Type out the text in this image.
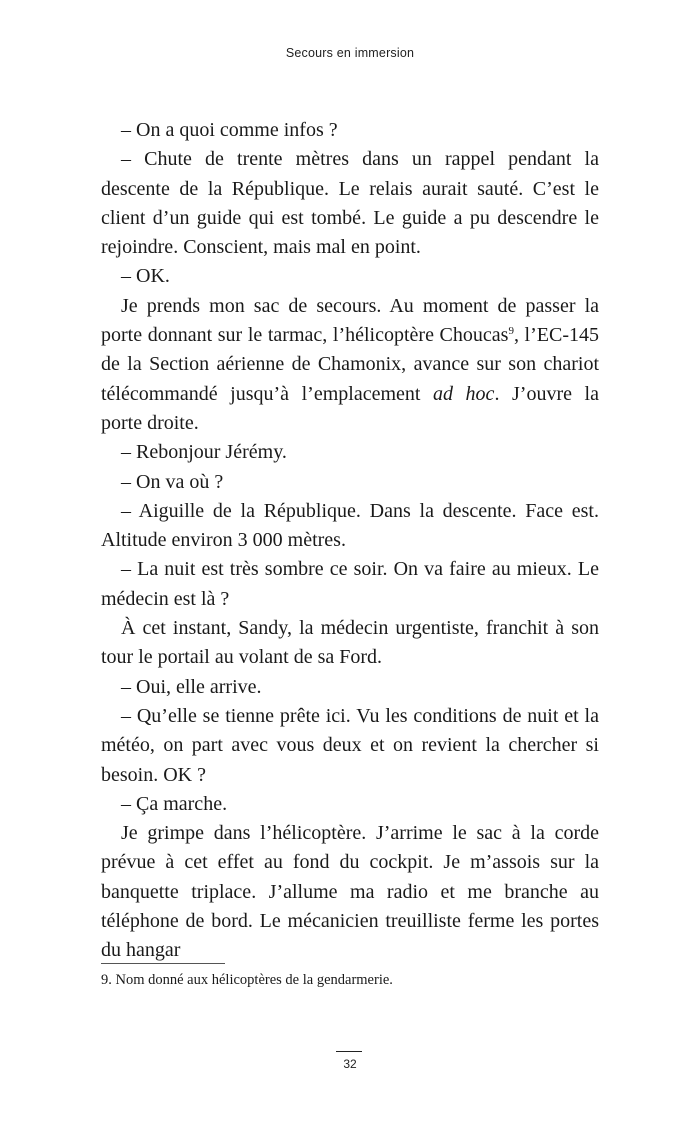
Secours en immersion

– On a quoi comme infos ?

– Chute de trente mètres dans un rappel pendant la descente de la République. Le relais aurait sauté. C’est le client d’un guide qui est tombé. Le guide a pu descendre le rejoindre. Conscient, mais mal en point.

– OK.

Je prends mon sac de secours. Au moment de passer la porte donnant sur le tarmac, l’hélicoptère Choucas$^9$, l’EC-145 de la Section aérienne de Chamonix, avance sur son chariot télécommandé jusqu’à l’emplacement ad hoc. J’ouvre la porte droite.

– Rebonjour Jérémy.

– On va où ?

– Aiguille de la République. Dans la descente. Face est. Altitude environ 3 000 mètres.

– La nuit est très sombre ce soir. On va faire au mieux. Le médecin est là ?

À cet instant, Sandy, la médecin urgentiste, franchit à son tour le portail au volant de sa Ford.

– Oui, elle arrive.

– Qu’elle se tienne prête ici. Vu les conditions de nuit et la météo, on part avec vous deux et on revient la chercher si besoin. OK ?

– Ça marche.

Je grimpe dans l’hélicoptère. J’arrime le sac à la corde prévue à cet effet au fond du cockpit. Je m’assois sur la banquette triplace. J’allume ma radio et me branche au téléphone de bord. Le mécanicien treuilliste ferme les portes du hangar

9. Nom donné aux hélicoptères de la gendarmerie.
32
